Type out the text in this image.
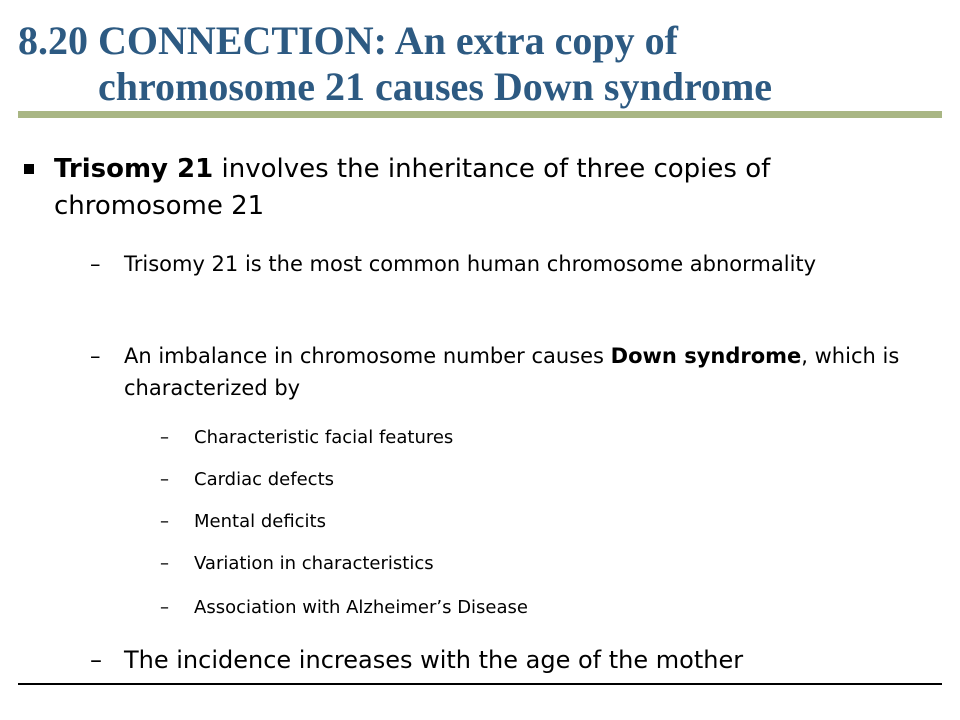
8.20 CONNECTION: An extra copy of
chromosome 21 causes Down syndrome
Trisomy 21 involves the inheritance of three copies of chromosome 21
– Trisomy 21 is the most common human chromosome abnormality
– An imbalance in chromosome number causes Down syndrome, which is characterized by
– Characteristic facial features
– Cardiac defects
– Mental deficits
– Variation in characteristics
– Association with Alzheimer’s Disease
– The incidence increases with the age of the mother
